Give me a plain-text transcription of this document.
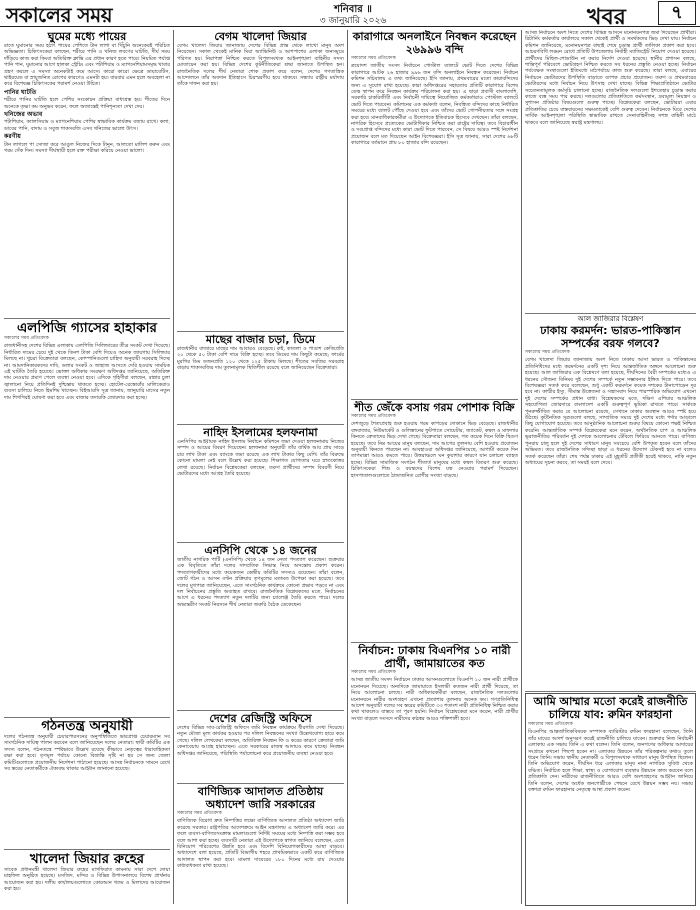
সকালের সময়	শনিবার ॥
৩ জানুয়ারি ২০২৬	খবর	৭
ঘুমের মধ্যে পায়ের
রাতে ঘুমানোর সময় হঠাৎ পায়ের পেশিতে টান লাগা বা খিঁচুনি অনেকেরই পরিচিত অভিজ্ঞতা। চিকিৎসকেরা বলছেন, শরীরে পানি ও খনিজ লবণের ঘাটতি, দীর্ঘ সময় দাঁড়িয়ে কাজ করা কিংবা অতিরিক্ত ক্লান্তি এর প্রধান কারণ হতে পারে। নিয়মিত পর্যাপ্ত পানি পান, ঘুমানোর আগে হালকা স্ট্রেচিং এবং পটাশিয়াম ও ম্যাগনেশিয়ামসমৃদ্ধ খাবার গ্রহণ করলে এ সমস্যা অনেকটাই কমে আসে। কারো কারো ক্ষেত্রে ডায়াবেটিস, থাইরয়েড বা স্নায়ুজনিত রোগের কারণেও এমনটা হয়। বারবার এমন হলে অবহেলা না করে বিশেষজ্ঞ চিকিৎসকের পরামর্শ নেওয়া উচিত।
পানির ঘাটতি
শরীরে পানির ঘাটতি হলে পেশির সংকোচন প্রক্রিয়া বাধাগ্রস্ত হয়। শীতের দিনে অনেকে তৃষ্ণা কম অনুভব করেন, ফলে অজান্তেই পানিশূন্যতা দেখা দেয়।
খনিজের অভাব
পটাশিয়াম, ক্যালসিয়াম ও ম্যাগনেশিয়াম পেশির স্বাভাবিক কার্যক্রম বজায় রাখে। কলা, ডাবের পানি, বাদাম ও সবুজ শাকসবজি এসব খনিজের ভালো উৎস।
করণীয়
টান লাগলে পা সোজা করে আঙুল নিজের দিকে টানুন, আলতো মালিশ করুন এবং গরম সেঁক দিন। সমস্যা দীর্ঘস্থায়ী হলে রক্ত পরীক্ষা করিয়ে নেওয়া ভালো।
এলপিজি গ্যাসের হাহাকার
সকালের সময় প্রতিবেদক
রাজধানীসহ দেশের বিভিন্ন এলাকায় এলপিজি সিলিন্ডারের তীব্র সংকট দেখা দিয়েছে। নির্ধারিত দামের চেয়ে দুই থেকে তিনশ টাকা বেশি দিয়েও অনেক জায়গায় সিলিন্ডার মিলছে না। খুচরা বিক্রেতারা বলছেন, কোম্পানিগুলো চাহিদা অনুযায়ী সরবরাহ দিচ্ছে না। আমদানিকারকদের দাবি, ডলার সংকট ও জাহাজ আসতে দেরি হওয়ায় সাময়িক এই ঘাটতি তৈরি হয়েছে। ভোক্তা অধিকার সংরক্ষণ অধিদপ্তর জানিয়েছে, অতিরিক্ত দাম নেওয়ার প্রমাণ পেলে ব্যবস্থা নেওয়া হবে। এদিকে গৃহিণীরা বলছেন, রান্নার চুলা জ্বালানো নিয়ে প্রতিদিনই দুশ্চিন্তায় থাকতে হচ্ছে। হোটেল-রেস্তোরাঁর মালিকেরাও ব্যবসা চালিয়ে নিতে হিমশিম খাচ্ছেন। বিইআরসি সূত্র জানায়, জানুয়ারি মাসের নতুন দাম শিগগিরই ঘোষণা করা হবে এবং বাজার তদারকি জোরদার করা হচ্ছে।
গঠনতন্ত্র অনুযায়ী
দলের গঠনতন্ত্র অনুযায়ী চেয়ারপারসনের অনুপস্থিতিতে ভারপ্রাপ্ত চেয়ারম্যান সব সাংগঠনিক দায়িত্ব পালন করবেন বলে জানিয়েছেন দলের নেতারা। স্থায়ী কমিটির এক সদস্য বলেন, গঠনতন্ত্রে স্পষ্টভাবে উল্লেখ রয়েছে কীভাবে নেতৃত্বের ধারাবাহিকতা রক্ষা করা হবে। তৃণমূল পর্যায়ে কোনো বিভ্রান্তি সৃষ্টি না হয় সে জন্য জেলা কমিটিগুলোকে প্রয়োজনীয় নির্দেশনা পাঠানো হয়েছে। আসন্ন নির্বাচনকে সামনে রেখে সব স্তরের নেতাকর্মীকে ঐক্যবদ্ধ থাকার আহ্বান জানানো হয়েছে।
খালেদা জিয়ার রুহের
সাবেক প্রধানমন্ত্রী খালেদা জিয়ার রুহের মাগফিরাত কামনায় সারা দেশে দোয়া মাহফিল অনুষ্ঠিত হয়েছে। মসজিদ, মন্দির ও বিভিন্ন উপাসনালয়ে বিশেষ প্রার্থনার আয়োজন করা হয়। দলীয় কার্যালয়গুলোতে কোরআন খতম ও মিলাদের আয়োজন করা হয়।
বেগম খালেদা জিয়ার
বেগম খালেদা জিয়ার জানাজায় দেশের বিভিন্ন প্রান্ত থেকে লাখো মানুষ অংশ নিয়েছেন। সকাল থেকেই মানিক মিয়া অ্যাভিনিউ ও আশপাশের এলাকা জনসমুদ্রে পরিণত হয়। নিরাপত্তা নিশ্চিত করতে বিপুলসংখ্যক আইনশৃঙ্খলা বাহিনীর সদস্য মোতায়েন করা হয়। বিভিন্ন দেশের কূটনীতিকেরা শ্রদ্ধা জানাতে উপস্থিত হন। রাজনৈতিক দলের শীর্ষ নেতারা শোক প্রকাশ করে বলেন, দেশের গণতান্ত্রিক আন্দোলনে তাঁর অবদান ইতিহাসে চিরস্মরণীয় হয়ে থাকবে। সন্ধ্যায় রাষ্ট্রীয় মর্যাদায় তাঁকে দাফন করা হয়।
মাছের বাজার চড়া, ডিমে
রাজধানীর বাজারে মাছের দাম আবারও বেড়েছে। রুই, কাতলা ও পাঙাশ কেজিপ্রতি ২০ থেকে ৫০ টাকা বেশি দামে বিক্রি হচ্ছে। তবে ডিমের দাম কিছুটা কমেছে; ফার্মের মুরগির ডিম ডজনপ্রতি ১২০ থেকে ১২৫ টাকায় মিলছে। শীতের সবজির সরবরাহ বাড়ায় শাকসবজির দাম তুলনামূলক স্থিতিশীল রয়েছে বলে জানিয়েছেন বিক্রেতারা।
নাহিদ ইসলামের হলফনামা
এনসিপির আহ্বায়ক নাহিদ ইসলাম নির্বাচন কমিশনে জমা দেওয়া হলফনামায় নিজের সম্পদ ও আয়ের বিবরণ দিয়েছেন। হলফনামা অনুযায়ী তাঁর বার্ষিক আয় প্রায় সাড়ে চার লাখ টাকা এবং ব্যাংকে জমা রয়েছে এক লাখ টাকার কিছু বেশি। তাঁর বিরুদ্ধে কোনো মামলা নেই বলে উল্লেখ করা হয়েছে। শিক্ষাগত যোগ্যতার ঘরে স্নাতকোত্তর লেখা রয়েছে। নির্বাচন বিশ্লেষকেরা বলছেন, তরুণ প্রার্থীদের সম্পদ বিবরণী নিয়ে ভোটারদের মধ্যে আগ্রহ তৈরি হয়েছে।
এনসিপি থেকে ১৪ জনের
জাতীয় নাগরিক পার্টি (এনসিপি) থেকে ১৪ জন নেতা পদত্যাগ করেছেন। শুক্রবার এক বিবৃতিতে তাঁরা দলের সাম্প্রতিক সিদ্ধান্ত নিয়ে অসন্তোষ প্রকাশ করেন। পদত্যাগকারীদের মধ্যে কয়েকজন কেন্দ্রীয় কমিটির সদস্যও রয়েছেন। তাঁরা বলেন, জোট গঠন ও আসন বণ্টন প্রক্রিয়ায় তৃণমূলের মতামত উপেক্ষা করা হয়েছে। তবে দলের মুখপাত্র জানিয়েছেন, এতে সাংগঠনিক কার্যক্রমে কোনো প্রভাব পড়বে না এবং দল নির্বাচনের প্রস্তুতি অব্যাহত রাখবে। রাজনৈতিক বিশ্লেষকদের মতে, নির্বাচনের আগে এ ধরনের পদত্যাগ নতুন দলটির জন্য চ্যালেঞ্জ তৈরি করতে পারে। দলের অভ্যন্তরীণ সংকট নিরসনে শীর্ষ নেতারা জরুরি বৈঠক ডেকেছেন।
দেশের রেজিস্ট্রি অফিসে
দেশের বিভিন্ন সাব-রেজিস্ট্রি অফিসে জমি নিবন্ধন কার্যক্রমে ধীরগতি দেখা দিয়েছে। নতুন মৌজা মূল্য কার্যকর হওয়ার পর দলিল নিবন্ধনের সংখ্যা উল্লেখযোগ্য হারে কমে গেছে। দলিল লেখকেরা বলছেন, অতিরিক্ত নিবন্ধন ফি ও করের কারণে ক্রেতারা জমি কেনাবেচায় আগ্রহ হারাচ্ছেন। এতে সরকারের রাজস্ব আদায়ও কমে যাচ্ছে। নিবন্ধন অধিদপ্তর জানিয়েছে, পরিস্থিতি পর্যালোচনা করে প্রয়োজনীয় ব্যবস্থা নেওয়া হবে।
বাণিজ্যিক আদালত প্রতিষ্ঠায় অধ্যাদেশ জারি সরকারের
সকালের সময় প্রতিবেদক
বাণিজ্যিক বিরোধ দ্রুত নিষ্পত্তির লক্ষ্যে বাণিজ্যিক আদালত প্রতিষ্ঠা অধ্যাদেশ জারি করেছে সরকার। রাষ্ট্রপতির আদেশক্রমে আইন মন্ত্রণালয় এ অধ্যাদেশ জারি করে। এর ফলে ব্যবসা-বাণিজ্যসংক্রান্ত মামলাগুলো নির্দিষ্ট সময়ের মধ্যে নিষ্পত্তি করা সম্ভব হবে বলে আশা করা হচ্ছে। ব্যবসায়ী নেতারা এই উদ্যোগকে স্বাগত জানিয়ে বলেছেন, এতে বিনিয়োগ পরিবেশের উন্নতি হবে এবং বিদেশি বিনিয়োগকারীদের আস্থা বাড়বে। অধ্যাদেশে বলা হয়েছে, প্রতিটি বিভাগীয় শহরে প্রাথমিকভাবে একটি করে বাণিজ্যিক আদালত স্থাপন করা হবে। মামলা দায়েরের ১৮০ দিনের মধ্যে রায় দেওয়ার বাধ্যবাধকতা রাখা হয়েছে।
কারাগারে অনলাইনে নিবন্ধন করেছেন ২৬৯৯৬ বন্দি
সকালের সময় প্রতিবেদক
ত্রয়োদশ জাতীয় সংসদ নির্বাচনে পোস্টাল ব্যালটে ভোট দিতে দেশের বিভিন্ন কারাগারে আটক ২৬ হাজার ৯৯৬ জন বন্দি অনলাইনে নিবন্ধন করেছেন। নির্বাচন কমিশন সচিবালয় এ তথ্য জানিয়েছে। ইসি জানায়, প্রথমবারের মতো কারাবন্দিদের জন্য এ সুযোগ রাখা হয়েছে। কারা অধিদপ্তরের সহায়তায় প্রতিটি কারাগারে বিশেষ ডেস্ক স্থাপন করে নিবন্ধন কার্যক্রম পরিচালনা করা হয়। এ ছাড়া প্রবাসী বাংলাদেশি, সরকারি চাকরিজীবী এবং নির্বাচনী দায়িত্বে নিয়োজিত কর্মকর্তারাও পোস্টাল ব্যালটে ভোট দিতে পারবেন। কমিশনের এক কর্মকর্তা বলেন, নিবন্ধিত বন্দিদের কাছে নির্ধারিত সময়ের মধ্যে ব্যালট পৌঁছে দেওয়া হবে এবং তাঁদের ভোট গোপনীয়তার সঙ্গে সংগ্রহ করা হবে। মানবাধিকারকর্মীরা এ উদ্যোগকে ইতিবাচক হিসেবে দেখছেন। তাঁরা বলছেন, নাগরিক হিসেবে প্রত্যেকের ভোটাধিকার নিশ্চিত করা রাষ্ট্রের দায়িত্ব। তবে বিচারাধীন ও দণ্ডপ্রাপ্ত বন্দিদের মধ্যে কারা ভোট দিতে পারবেন, সে বিষয়ে আরও স্পষ্ট নির্দেশনা প্রয়োজন বলে মত দিয়েছেন আইন বিশেষজ্ঞরা। ইসি সূত্র জানায়, সারা দেশের ৬৮টি কারাগারে বর্তমানে প্রায় ৮০ হাজার বন্দি রয়েছেন।
শীত জেঁকে বসায় গরম পোশাক বিক্রি
সকালের সময় প্রতিবেদক
দেশজুড়ে শৈত্যপ্রবাহ শুরু হওয়ায় গরম কাপড়ের দোকানে ভিড় বেড়েছে। রাজধানীর বঙ্গবাজার, নিউমার্কেট ও গুলিস্তানের ফুটপাতে সোয়েটার, জ্যাকেট, কম্বল ও মাফলার কিনতে ক্রেতাদের ভিড় দেখা গেছে। বিক্রেতারা বলছেন, গত কয়েক দিনে বিক্রি দ্বিগুণ হয়েছে। তবে নিম্ন আয়ের মানুষ বলছেন, দাম আগের তুলনায় বেশি হওয়ায় প্রয়োজন অনুযায়ী কিনতে পারছেন না। আবহাওয়া অধিদপ্তর জানিয়েছে, আগামী কয়েক দিন তাপমাত্রা আরও কমতে পারে। উত্তরাঞ্চলে ঘন কুয়াশার কারণে যান চলাচল ব্যাহত হচ্ছে। বিভিন্ন সামাজিক সংগঠন শীতার্ত মানুষের মধ্যে কম্বল বিতরণ শুরু করেছে। চিকিৎসকেরা শিশু ও বয়স্কদের বিশেষ যত্ন নেওয়ার পরামর্শ দিয়েছেন। হাসপাতালগুলোতে ঠান্ডাজনিত রোগীর সংখ্যা বাড়ছে।
নির্বাচন: ঢাকায় বিএনপির ১০ নারী প্রার্থী, জামায়াতের কত
সকালের সময় প্রতিবেদক
আসন্ন জাতীয় সংসদ নির্বাচনে ঢাকার আসনগুলোতে বিএনপি ১০ জন নারী প্রার্থীকে মনোনয়ন দিয়েছে। অন্যদিকে জামায়াতে ইসলামী কতজন নারী প্রার্থী দিয়েছে, তা নিয়ে আলোচনা চলছে। নারী অধিকারকর্মীরা বলছেন, রাজনৈতিক দলগুলোর মনোনয়নে নারীর অংশগ্রহণ এখনো প্রত্যাশার তুলনায় অনেক কম। গণপ্রতিনিধিত্ব আদেশ অনুযায়ী দলের সব স্তরের কমিটিতে ৩৩ শতাংশ নারী প্রতিনিধিত্ব নিশ্চিত করার কথা থাকলেও বাস্তবে তা পূরণ হয়নি। নির্বাচন বিশ্লেষকেরা মনে করেন, নারী প্রার্থীর সংখ্যা বাড়লে সংসদে নারীদের কণ্ঠস্বর আরও শক্তিশালী হবে।
আসন্ন নির্বাচনে অংশ নিতে দেশের বিভিন্ন আসনে মনোনয়নপত্র জমা দিয়েছেন প্রার্থীরা। রিটার্নিং কর্মকর্তার কার্যালয়ে সকাল থেকেই প্রার্থী ও সমর্থকদের ভিড় দেখা যায়। নির্বাচন কমিশন জানিয়েছে, মনোনয়নপত্র বাছাই শেষে চূড়ান্ত প্রার্থী তালিকা প্রকাশ করা হবে। আচরণবিধি লঙ্ঘন রোধে প্রতিটি উপজেলায় নির্বাহী ম্যাজিস্ট্রেট নিয়োগ দেওয়া হয়েছে। প্রার্থীদের মিছিল-শোডাউন না করার নির্দেশ দেওয়া হয়েছে। স্থানীয় প্রশাসন বলছে, শান্তিপূর্ণ পরিবেশে ভোটগ্রহণ নিশ্চিত করতে সব ধরনের প্রস্তুতি নেওয়া হচ্ছে। নির্বাচন পর্যবেক্ষক সংস্থাগুলো ইতিমধ্যে মাঠপর্যায়ে কাজ শুরু করেছে। তারা বলছে, এবারের নির্বাচনে ভোটারদের উপস্থিতি বাড়াতে ব্যাপক প্রচার প্রয়োজন। তরুণ ও প্রথমবারের ভোটারদের মধ্যে নির্বাচন নিয়ে উৎসাহ দেখা যাচ্ছে। বিভিন্ন শিক্ষাপ্রতিষ্ঠানে ভোটার সচেতনতামূলক কর্মসূচি চালানো হচ্ছে। রাজনৈতিক দলগুলো ইশতেহার চূড়ান্ত করার কাজে ব্যস্ত সময় পার করছে। দলগুলোর প্রতিশ্রুতিতে কর্মসংস্থান, দ্রব্যমূল্য নিয়ন্ত্রণ ও সুশাসন প্রতিষ্ঠার বিষয়গুলো গুরুত্ব পাচ্ছে। বিশ্লেষকেরা বলছেন, ভোটাররা এবার প্রতিশ্রুতির চেয়ে বাস্তবায়নের সক্ষমতাকেই বেশি গুরুত্ব দেবেন। নির্বাচনকে ঘিরে দেশের সার্বিক আইনশৃঙ্খলা পরিস্থিতি স্বাভাবিক রাখতে সেনাবাহিনীসহ সশস্ত্র বাহিনী মাঠে থাকবে বলে জানিয়েছে স্বরাষ্ট্র মন্ত্রণালয়।
আল জাজিরার বিশ্লেষণ
ঢাকায় করমর্দন: ভারত-পাকিস্তান সম্পর্কের বরফ গলবে?
সকালের সময় প্রতিবেদক
বেগম খালেদা জিয়ার জানাজায় অংশ নিতে ঢাকায় আসা ভারত ও পাকিস্তানের প্রতিনিধিদের মধ্যে করমর্দনের একটি দৃশ্য নিয়ে আন্তর্জাতিক অঙ্গনে আলোচনা শুরু হয়েছে। আল জাজিরার এক বিশ্লেষণে বলা হয়েছে, দীর্ঘদিনের বৈরী সম্পর্কের মধ্যেও এ ধরনের সৌজন্য বিনিময় দুই দেশের সম্পর্কে নতুন সম্ভাবনার ইঙ্গিত দিতে পারে। তবে বিশেষজ্ঞরা সতর্ক করে বলেছেন, শুধু একটি করমর্দনে কয়েক দশকের টানাপোড়েন দূর হবে না। কাশ্মীর ইস্যু, সীমান্ত উত্তেজনা ও সন্ত্রাসবাদ নিয়ে পারস্পরিক অভিযোগ এখনো দুই দেশের সম্পর্কের প্রধান বাধা। বিশ্লেষকদের মতে, দক্ষিণ এশিয়ার আঞ্চলিক সহযোগিতা জোরদারে বাংলাদেশ একটি গুরুত্বপূর্ণ ভূমিকা রাখতে পারে। সার্ককে পুনরুজ্জীবিত করার যে আলোচনা রয়েছে, সেখানে ঢাকার অবস্থান আরও স্পষ্ট হয়ে উঠছে। কূটনৈতিক সূত্রগুলো বলছে, সাম্প্রতিক সময়ে দুই দেশের মধ্যে পর্দার আড়ালে কিছু যোগাযোগ হয়েছে। তবে আনুষ্ঠানিক আলোচনা শুরুর বিষয়ে কোনো পক্ষই নিশ্চিত করেনি। আন্তর্জাতিক সম্পর্ক বিশ্লেষকেরা মনে করেন, অর্থনৈতিক চাপ ও আঞ্চলিক ভূরাজনীতির পরিবর্তন দুই দেশকে আলোচনার টেবিলে ফিরিয়ে আনতে পারে। বাণিজ্য পুনরায় চালু হলে দুই দেশের সাধারণ মানুষ সবচেয়ে বেশি উপকৃত হবেন বলে তাঁদের অভিমত। তবে রাজনৈতিক সদিচ্ছা ছাড়া এ ধরনের উদ্যোগ টেকসই হবে না বলেও সতর্ক করেছেন তাঁরা। শেষ পর্যন্ত ঢাকার এই মুহূর্তটি প্রতীকী হয়েই থাকবে, নাকি নতুন অধ্যায়ের সূচনা করবে, তা সময়ই বলে দেবে।
আমি আম্মার মতো করেই রাজনীতি চালিয়ে যাব: রুমিন ফারহানা
সকালের সময় প্রতিবেদক
বিএনপির আন্তর্জাতিকবিষয়ক সম্পাদক ব্যারিস্টার রুমিন ফারহানা বলেছেন, তিনি তাঁর মায়ের আদর্শ অনুসরণ করেই রাজনীতি চালিয়ে যাবেন। শুক্রবার নিজ নির্বাচনী এলাকায় এক সভায় তিনি এ কথা বলেন। তিনি বলেন, জনগণের অধিকার আদায়ের সংগ্রামে কখনো পিছপা হবেন না। এলাকার উন্নয়নে তাঁর পরিকল্পনার কথাও তুলে ধরেন তিনি। সভায় স্থানীয় নেতাকর্মী ও বিপুলসংখ্যক সাধারণ মানুষ উপস্থিত ছিলেন। তিনি অভিযোগ করেন, দীর্ঘদিন ধরে এলাকার মানুষ নানা নাগরিক সুবিধা থেকে বঞ্চিত। নির্বাচিত হলে শিক্ষা, স্বাস্থ্য ও যোগাযোগ ব্যবস্থার উন্নয়নে কাজ করবেন বলে প্রতিশ্রুতি দেন। নারীদের রাজনীতিতে আরও বেশি অংশগ্রহণের আহ্বান জানিয়ে তিনি বলেন, দেশের অর্ধেক জনগোষ্ঠীকে পেছনে রেখে উন্নয়ন সম্ভব নয়। সভায় বক্তারা রুমিন ফারহানার নেতৃত্বে আস্থা প্রকাশ করেন।
